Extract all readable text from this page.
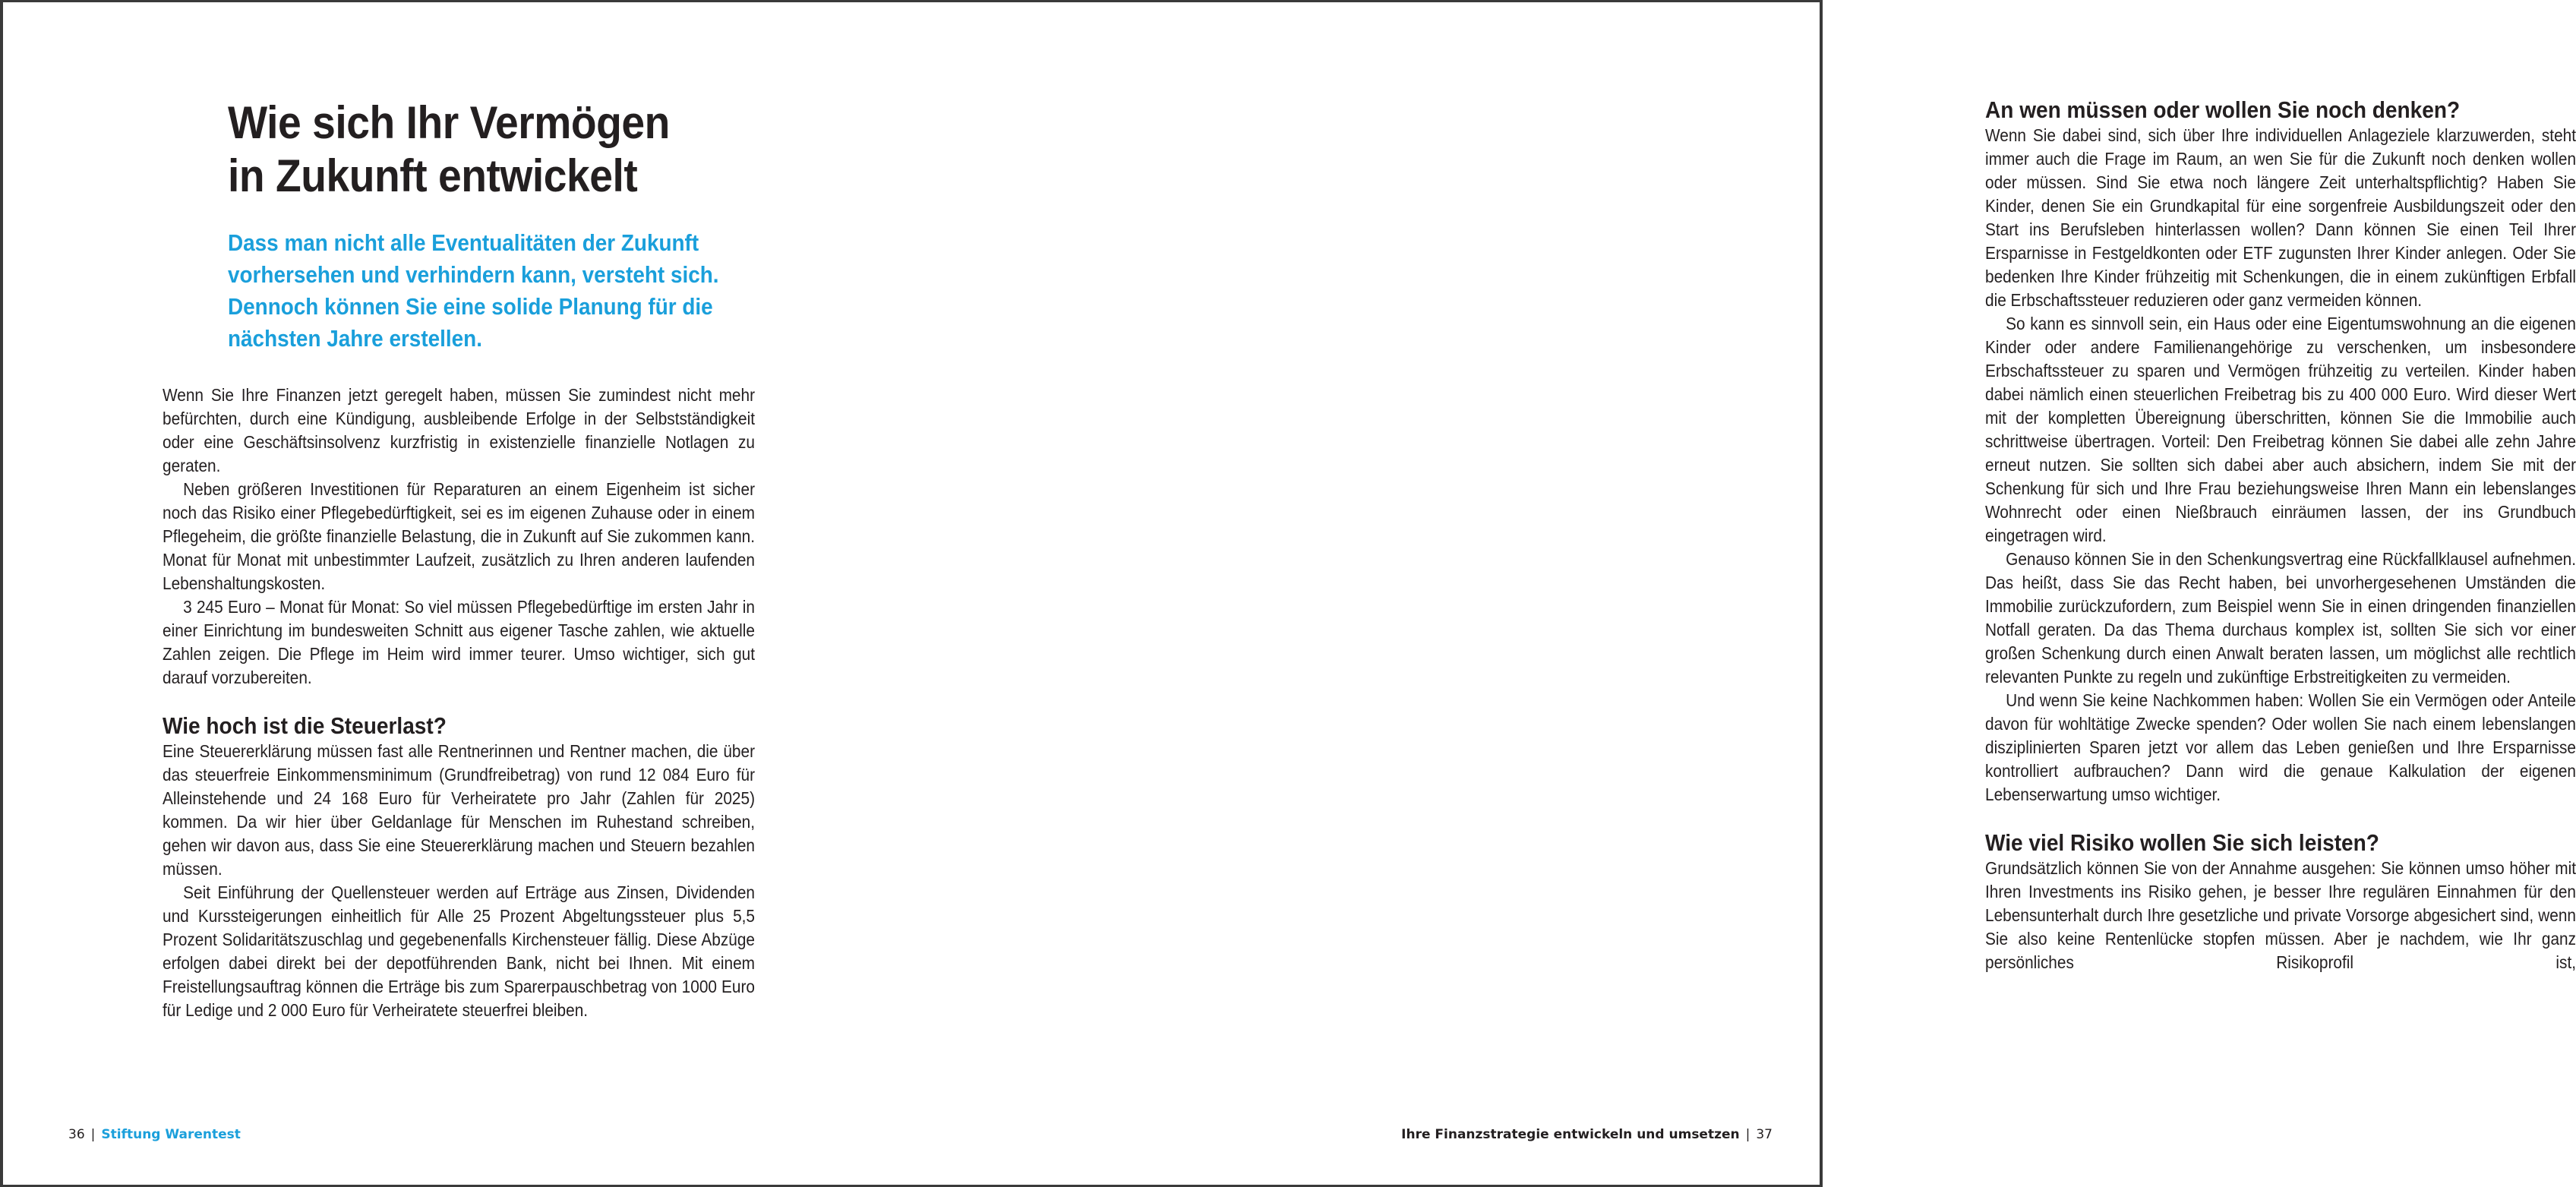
Wie sich Ihr Vermögen
in Zukunft entwickelt

Dass man nicht alle Eventualitäten der Zukunft vorhersehen und verhindern kann, versteht sich. Dennoch können Sie eine solide Planung für die nächsten Jahre erstellen.

Wenn Sie Ihre Finanzen jetzt geregelt haben, müssen Sie zumindest nicht mehr befürchten, durch eine Kündigung, ausbleibende Erfolge in der Selbstständigkeit oder eine Geschäftsinsolvenz kurzfristig in existenzielle finanzielle Notlagen zu geraten.

Neben größeren Investitionen für Reparaturen an einem Eigenheim ist sicher noch das Risiko einer Pflegebedürftigkeit, sei es im eigenen Zuhause oder in einem Pflegeheim, die größte finanzielle Belastung, die in Zukunft auf Sie zukommen kann. Monat für Monat mit unbestimmter Laufzeit, zusätzlich zu Ihren anderen laufenden Lebenshaltungskosten.

3 245 Euro – Monat für Monat: So viel müssen Pflegebedürftige im ersten Jahr in einer Einrichtung im bundesweiten Schnitt aus eigener Tasche zahlen, wie aktuelle Zahlen zeigen. Die Pflege im Heim wird immer teurer. Umso wichtiger, sich gut darauf vorzubereiten.

Wie hoch ist die Steuerlast?

Eine Steuererklärung müssen fast alle Rentnerinnen und Rentner machen, die über das steuerfreie Einkommensminimum (Grundfreibetrag) von rund 12 084 Euro für Alleinstehende und 24 168 Euro für Verheiratete pro Jahr (Zahlen für 2025) kommen. Da wir hier über Geldanlage für Menschen im Ruhestand schreiben, gehen wir davon aus, dass Sie eine Steuererklärung machen und Steuern bezahlen müssen.

Seit Einführung der Quellensteuer werden auf Erträge aus Zinsen, Dividenden und Kurssteigerungen einheitlich für Alle 25 Prozent Abgeltungssteuer plus 5,5 Prozent Solidaritätszuschlag und gegebenenfalls Kirchensteuer fällig. Diese Abzüge erfolgen dabei direkt bei der depotführenden Bank, nicht bei Ihnen. Mit einem Freistellungsauftrag können die Erträge bis zum Sparerpauschbetrag von 1000 Euro für Ledige und 2 000 Euro für Verheiratete steuerfrei bleiben.

36 | Stiftung Warentest
An wen müssen oder wollen Sie noch denken?

Wenn Sie dabei sind, sich über Ihre individuellen Anlageziele klarzuwerden, steht immer auch die Frage im Raum, an wen Sie für die Zukunft noch denken wollen oder müssen. Sind Sie etwa noch längere Zeit unterhaltspflichtig? Haben Sie Kinder, denen Sie ein Grundkapital für eine sorgenfreie Ausbildungszeit oder den Start ins Berufsleben hinterlassen wollen? Dann können Sie einen Teil Ihrer Ersparnisse in Festgeldkonten oder ETF zugunsten Ihrer Kinder anlegen. Oder Sie bedenken Ihre Kinder frühzeitig mit Schenkungen, die in einem zukünftigen Erbfall die Erbschaftssteuer reduzieren oder ganz vermeiden können.

So kann es sinnvoll sein, ein Haus oder eine Eigentumswohnung an die eigenen Kinder oder andere Familienangehörige zu verschenken, um insbesondere Erbschaftssteuer zu sparen und Vermögen frühzeitig zu verteilen. Kinder haben dabei nämlich einen steuerlichen Freibetrag bis zu 400 000 Euro. Wird dieser Wert mit der kompletten Übereignung überschritten, können Sie die Immobilie auch schrittweise übertragen. Vorteil: Den Freibetrag können Sie dabei alle zehn Jahre erneut nutzen. Sie sollten sich dabei aber auch absichern, indem Sie mit der Schenkung für sich und Ihre Frau beziehungsweise Ihren Mann ein lebenslanges Wohnrecht oder einen Nießbrauch einräumen lassen, der ins Grundbuch eingetragen wird.

Genauso können Sie in den Schenkungsvertrag eine Rückfallklausel aufnehmen. Das heißt, dass Sie das Recht haben, bei unvorhergesehenen Umständen die Immobilie zurückzufordern, zum Beispiel wenn Sie in einen dringenden finanziellen Notfall geraten. Da das Thema durchaus komplex ist, sollten Sie sich vor einer großen Schenkung durch einen Anwalt beraten lassen, um möglichst alle rechtlich relevanten Punkte zu regeln und zukünftige Erbstreitigkeiten zu vermeiden.

Und wenn Sie keine Nachkommen haben: Wollen Sie ein Vermögen oder Anteile davon für wohltätige Zwecke spenden? Oder wollen Sie nach einem lebenslangen disziplinierten Sparen jetzt vor allem das Leben genießen und Ihre Ersparnisse kontrolliert aufbrauchen? Dann wird die genaue Kalkulation der eigenen Lebenserwartung umso wichtiger.

Wie viel Risiko wollen Sie sich leisten?

Grundsätzlich können Sie von der Annahme ausgehen: Sie können umso höher mit Ihren Investments ins Risiko gehen, je besser Ihre regulären Einnahmen für den Lebensunterhalt durch Ihre gesetzliche und private Vorsorge abgesichert sind, wenn Sie also keine Rentenlücke stopfen müssen. Aber je nachdem, wie Ihr ganz persönliches Risikoprofil ist,

Ihre Finanzstrategie entwickeln und umsetzen | 37
